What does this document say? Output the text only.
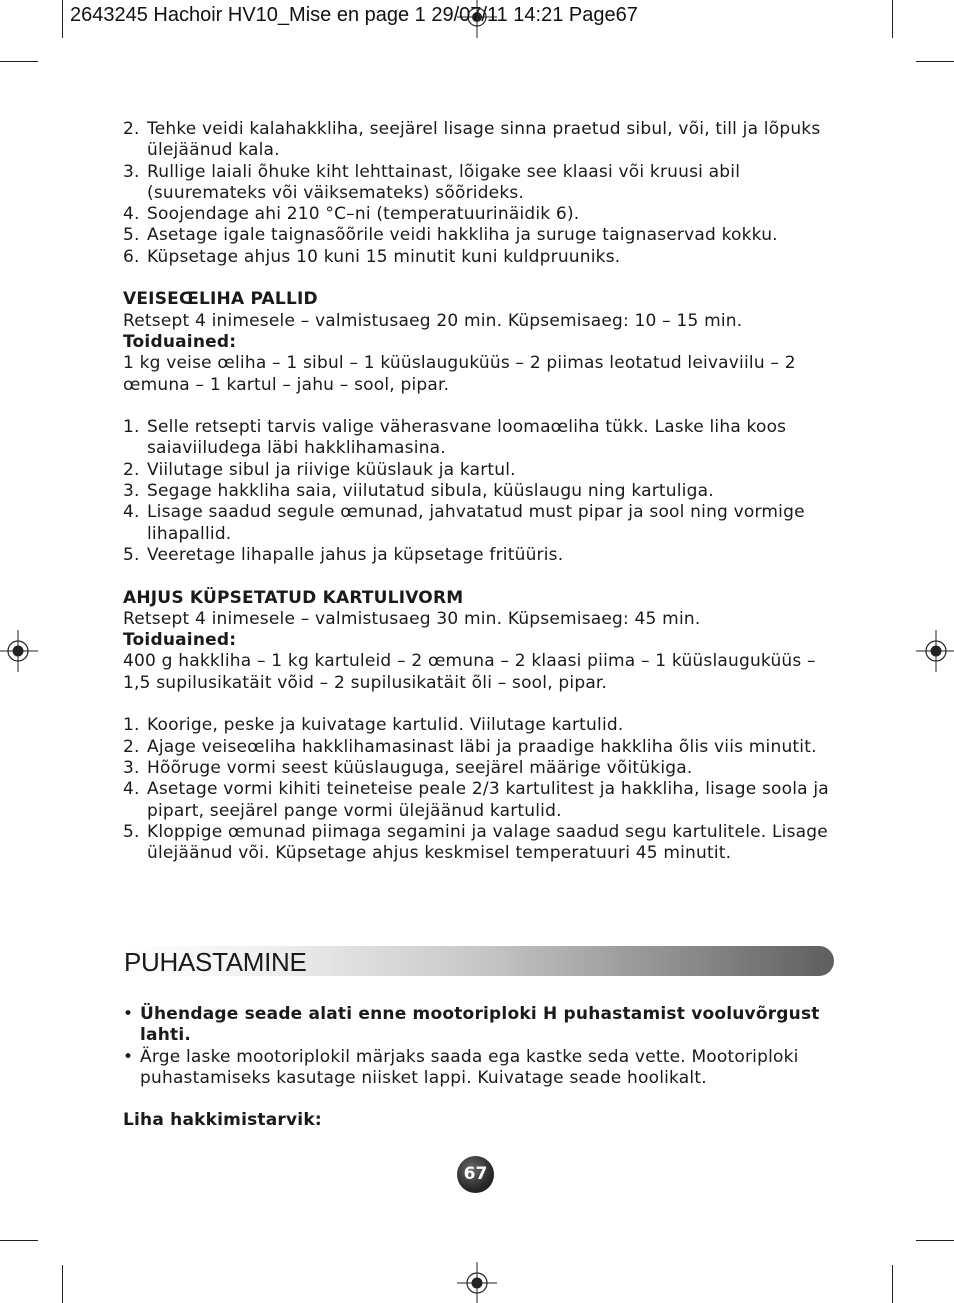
2643245 Hachoir HV10_Mise en page 1 29/07/11 14:21 Page67
2. Tehke veidi kalahakkliha, seejärel lisage sinna praetud sibul, või, till ja lõpuks ülejäänud kala.
3. Rullige laiali õhuke kiht lehttainast, lõigake see klaasi või kruusi abil (suuremateks või väiksemateks) sõõrideks.
4. Soojendage ahi 210 °C–ni (temperatuurinäidik 6).
5. Asetage igale taignasõõrile veidi hakkliha ja suruge taignaservad kokku.
6. Küpsetage ahjus 10 kuni 15 minutit kuni kuldpruuniks.
VEISEŒLIHA PALLID
Retsept 4 inimesele – valmistusaeg 20 min. Küpsemisaeg: 10 – 15 min.
Toiduained:
1 kg veise œliha – 1 sibul – 1 küüslauguküüs – 2 piimas leotatud leivaviilu – 2 œmuna – 1 kartul – jahu – sool, pipar.
1. Selle retsepti tarvis valige väherasvane loomaœliha tükk. Laske liha koos saiaviiludega läbi hakklihamasina.
2. Viilutage sibul ja riivige küüslauk ja kartul.
3. Segage hakkliha saia, viilutatud sibula, küüslaugu ning kartuliga.
4. Lisage saadud segule œmunad, jahvatatud must pipar ja sool ning vormige lihapallid.
5. Veeretage lihapalle jahus ja küpsetage fritüüris.
AHJUS KÜPSETATUD KARTULIVORM
Retsept 4 inimesele – valmistusaeg 30 min. Küpsemisaeg: 45 min.
Toiduained:
400 g hakkliha – 1 kg kartuleid – 2 œmuna – 2 klaasi piima – 1 küüslauguküüs – 1,5 supilusikatäit võid – 2 supilusikatäit õli – sool, pipar.
1. Koorige, peske ja kuivatage kartulid. Viilutage kartulid.
2. Ajage veiseœliha hakklihamasinast läbi ja praadige hakkliha õlis viis minutit.
3. Hõõruge vormi seest küüslauguga, seejärel määrige võitükiga.
4. Asetage vormi kihiti teineteise peale 2/3 kartulitest ja hakkliha, lisage soola ja pipart, seejärel pange vormi ülejäänud kartulid.
5. Kloppige œmunad piimaga segamini ja valage saadud segu kartulitele. Lisage ülejäänud või. Küpsetage ahjus keskmisel temperatuuri 45 minutit.
PUHASTAMINE
• Ühendage seade alati enne mootoriploki H puhastamist vooluvõrgust lahti.
• Ärge laske mootoriplokil märjaks saada ega kastke seda vette. Mootoriploki puhastamiseks kasutage niisket lappi. Kuivatage seade hoolikalt.
Liha hakkimistarvik:
67
